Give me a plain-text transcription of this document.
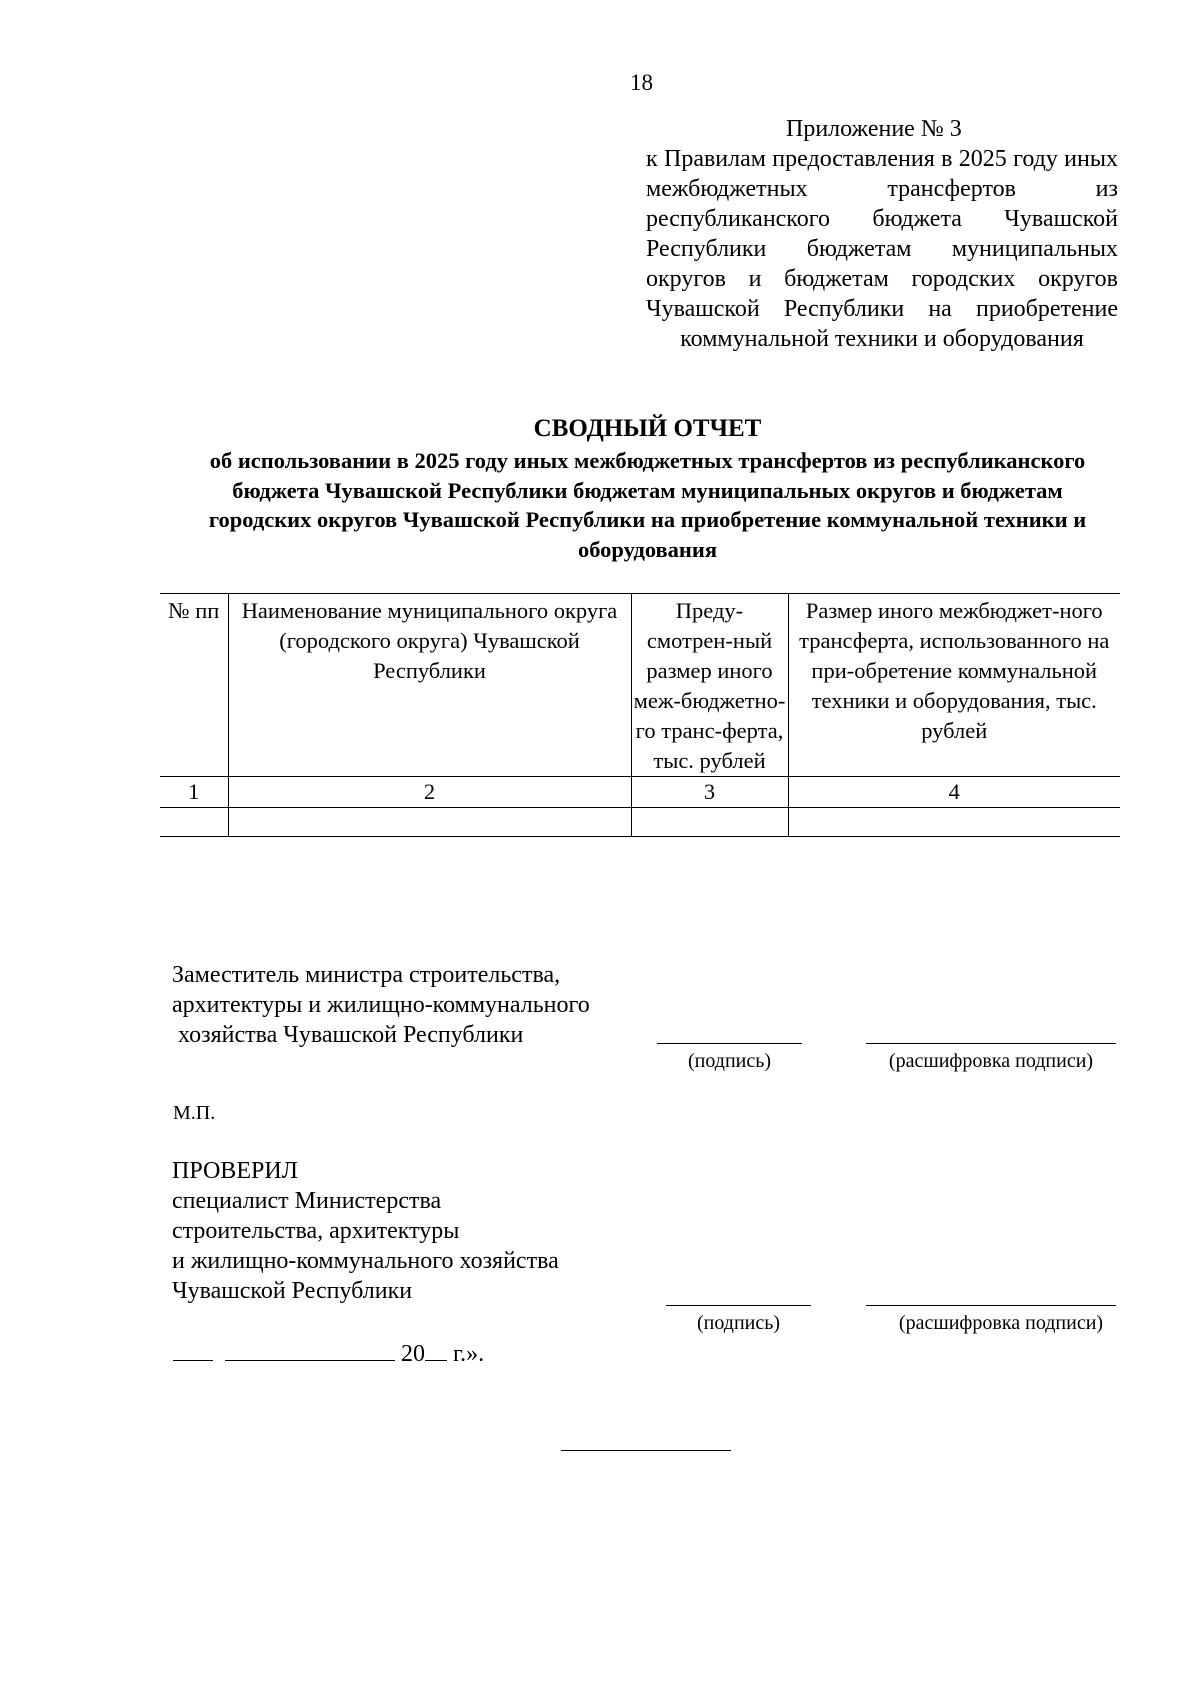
18
Приложение № 3
к Правилам предоставления в 2025 году иных межбюджетных трансфертов из республиканского бюджета Чувашской Республики бюджетам муниципальных округов и бюджетам городских округов Чувашской Республики на приобретение коммунальной техники и оборудования
СВОДНЫЙ ОТЧЕТ
об использовании в 2025 году иных межбюджетных трансфертов из республиканского бюджета Чувашской Республики бюджетам муниципальных округов и бюджетам городских округов Чувашской Республики на приобретение коммунальной техники и оборудования
№ пп	Наименование муниципального округа (городского округа) Чувашской Республики	Преду-смотрен-ный размер иного меж-бюджетно-го транс-ферта, тыс. рублей	Размер иного межбюджет-ного трансферта, использованного на при-обретение коммунальной техники и оборудования, тыс. рублей
1	2	3	4

Заместитель министра строительства,
архитектуры и жилищно-коммунального
хозяйства Чувашской Республики
(подпись)	(расшифровка подписи)
М.П.
ПРОВЕРИЛ
специалист Министерства
строительства, архитектуры
и жилищно-коммунального хозяйства
Чувашской Республики
(подпись)	(расшифровка подписи)
20 г.».
